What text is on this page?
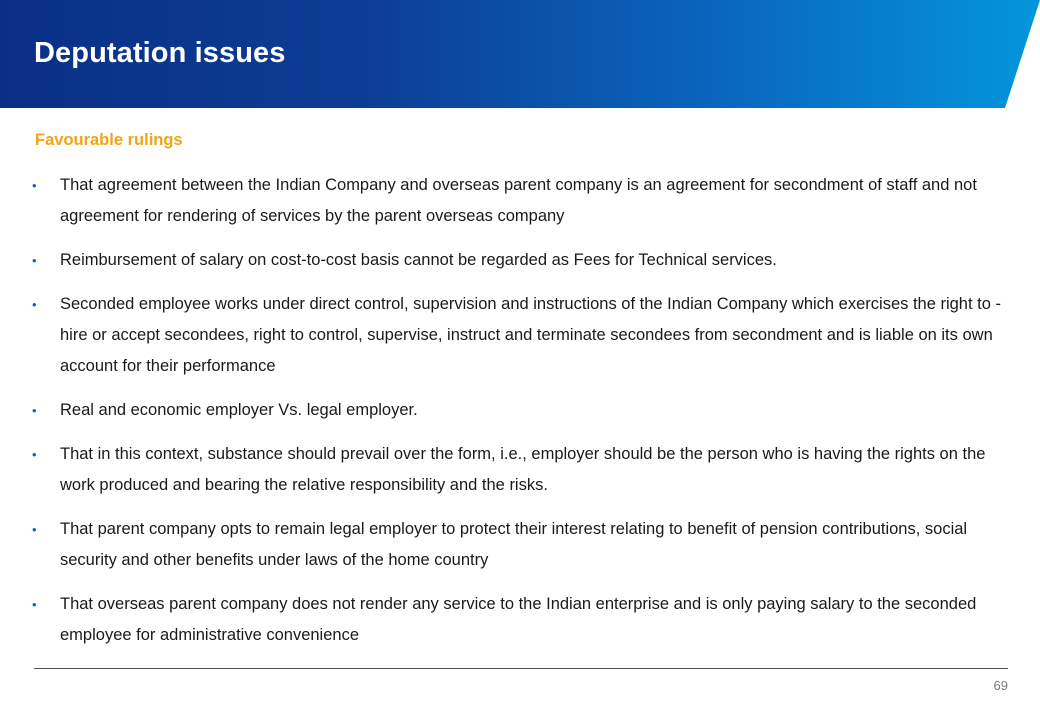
Deputation issues
Favourable rulings
• That agreement between the Indian Company and overseas parent company is an agreement for secondment of staff and not agreement for rendering of services by the parent overseas company
• Reimbursement of salary on cost-to-cost basis cannot be regarded as Fees for Technical services.
• Seconded employee works under direct control, supervision and instructions of the Indian Company which exercises the right to - hire or accept secondees, right to control, supervise, instruct and terminate secondees from secondment and is liable on its own account for their performance
• Real and economic employer Vs. legal employer.
• That in this context, substance should prevail over the form, i.e., employer should be the person who is having the rights on the work produced and bearing the relative responsibility and the risks.
• That parent company opts to remain legal employer to protect their interest relating to benefit of pension contributions, social security and other benefits under laws of the home country
• That overseas parent company does not render any service to the Indian enterprise and is only paying salary to the seconded employee for administrative convenience
69
